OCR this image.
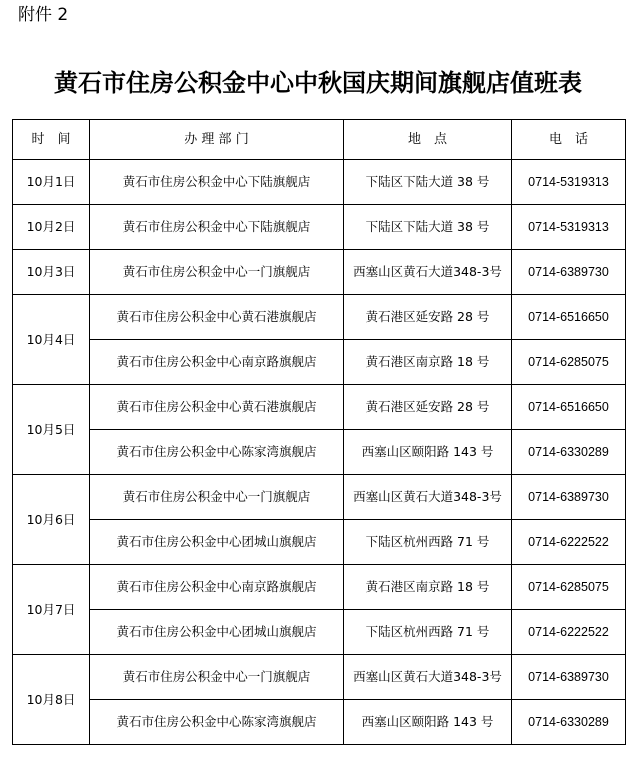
附件 2
黄石市住房公积金中心中秋国庆期间旗舰店值班表
时　间	办 理 部 门	地　点	电　话
10月1日	黄石市住房公积金中心下陆旗舰店	下陆区下陆大道 38 号	0714-5319313
10月2日	黄石市住房公积金中心下陆旗舰店	下陆区下陆大道 38 号	0714-5319313
10月3日	黄石市住房公积金中心一门旗舰店	西塞山区黄石大道348-3号	0714-6389730
10月4日	黄石市住房公积金中心黄石港旗舰店	黄石港区延安路 28 号	0714-6516650
	黄石市住房公积金中心南京路旗舰店	黄石港区南京路 18 号	0714-6285075
10月5日	黄石市住房公积金中心黄石港旗舰店	黄石港区延安路 28 号	0714-6516650
	黄石市住房公积金中心陈家湾旗舰店	西塞山区颐阳路 143 号	0714-6330289
10月6日	黄石市住房公积金中心一门旗舰店	西塞山区黄石大道348-3号	0714-6389730
	黄石市住房公积金中心团城山旗舰店	下陆区杭州西路 71 号	0714-6222522
10月7日	黄石市住房公积金中心南京路旗舰店	黄石港区南京路 18 号	0714-6285075
	黄石市住房公积金中心团城山旗舰店	下陆区杭州西路 71 号	0714-6222522
10月8日	黄石市住房公积金中心一门旗舰店	西塞山区黄石大道348-3号	0714-6389730
	黄石市住房公积金中心陈家湾旗舰店	西塞山区颐阳路 143 号	0714-6330289
